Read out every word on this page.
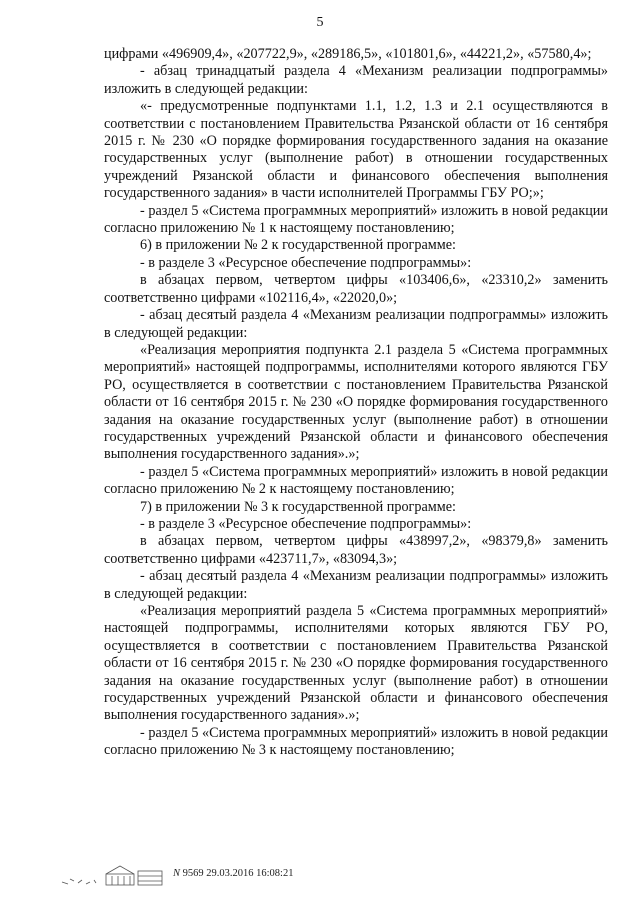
5

цифрами «496909,4», «207722,9», «289186,5», «101801,6», «44221,2», «57580,4»;

- абзац тринадцатый раздела 4 «Механизм реализации подпрограммы» изложить в следующей редакции:

«- предусмотренные подпунктами 1.1, 1.2, 1.3 и 2.1 осуществляются в соответствии с постановлением Правительства Рязанской области от 16 сентября 2015 г. № 230 «О порядке формирования государственного задания на оказание государственных услуг (выполнение работ) в отношении государственных учреждений Рязанской области и финансового обеспечения выполнения государственного задания» в части исполнителей Программы ГБУ РО;»;

- раздел 5 «Система программных мероприятий» изложить в новой редакции согласно приложению № 1 к настоящему постановлению;

6) в приложении № 2 к государственной программе:

- в разделе 3 «Ресурсное обеспечение подпрограммы»:

в абзацах первом, четвертом цифры «103406,6», «23310,2» заменить соответственно цифрами «102116,4», «22020,0»;

- абзац десятый раздела 4 «Механизм реализации подпрограммы» изложить в следующей редакции:

«Реализация мероприятия подпункта 2.1 раздела 5 «Система программных мероприятий» настоящей подпрограммы, исполнителями которого являются ГБУ РО, осуществляется в соответствии с постановлением Правительства Рязанской области от 16 сентября 2015 г. № 230 «О порядке формирования государственного задания на оказание государственных услуг (выполнение работ) в отношении государственных учреждений Рязанской области и финансового обеспечения выполнения государственного задания».»;

- раздел 5 «Система программных мероприятий» изложить в новой редакции согласно приложению № 2 к настоящему постановлению;

7) в приложении № 3 к государственной программе:

- в разделе 3 «Ресурсное обеспечение подпрограммы»:

в абзацах первом, четвертом цифры «438997,2», «98379,8» заменить соответственно цифрами «423711,7», «83094,3»;

- абзац десятый раздела 4 «Механизм реализации подпрограммы» изложить в следующей редакции:

«Реализация мероприятий раздела 5 «Система программных мероприятий» настоящей подпрограммы, исполнителями которых являются ГБУ РО, осуществляется в соответствии с постановлением Правительства Рязанской области от 16 сентября 2015 г. № 230 «О порядке формирования государственного задания на оказание государственных услуг (выполнение работ) в отношении государственных учреждений Рязанской области и финансового обеспечения выполнения государственного задания».»;

- раздел 5 «Система программных мероприятий» изложить в новой редакции согласно приложению № 3 к настоящему постановлению;

N 9569 29.03.2016 16:08:21
